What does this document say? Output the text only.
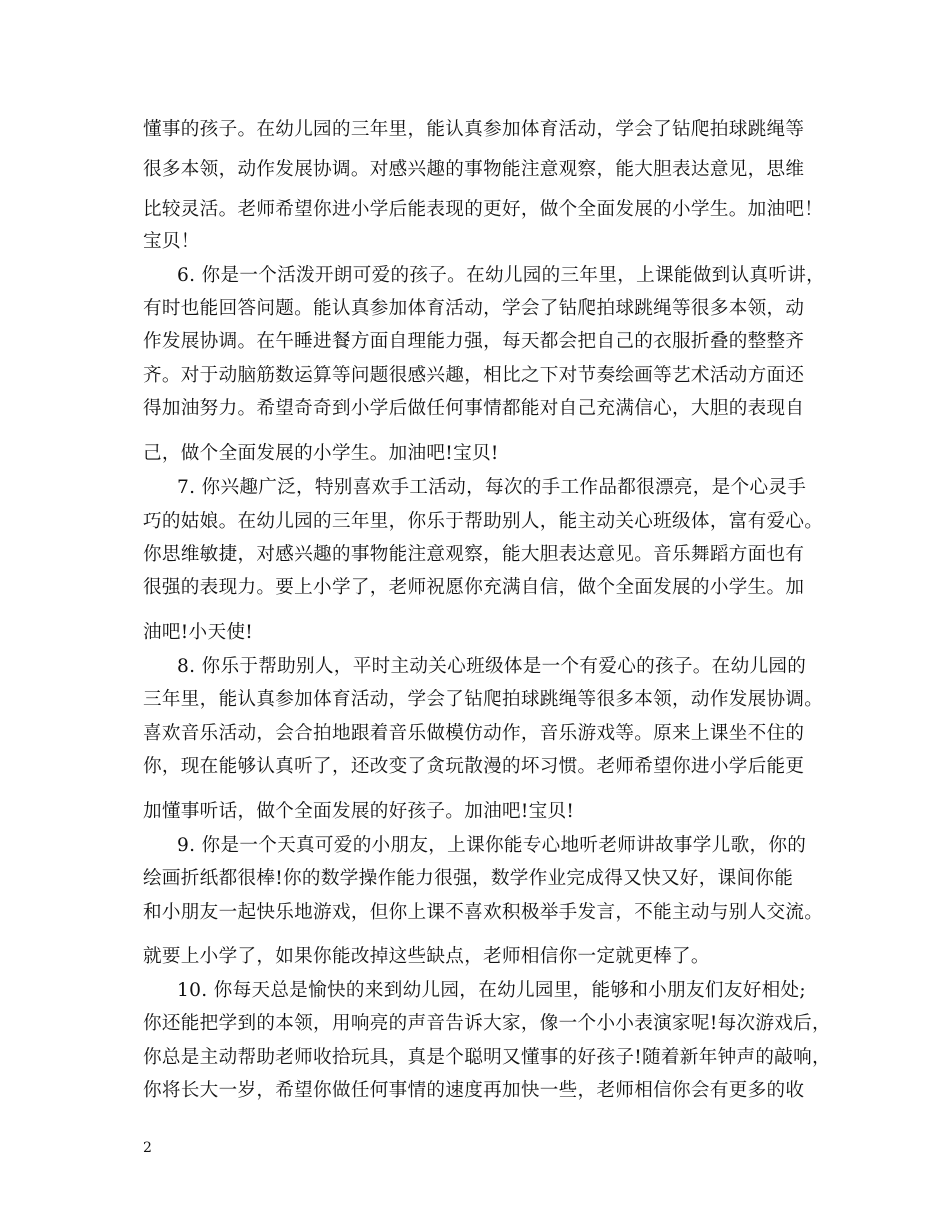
懂事的孩子。在幼儿园的三年里，能认真参加体育活动，学会了钻爬拍球跳绳等
很多本领，动作发展协调。对感兴趣的事物能注意观察，能大胆表达意见，思维
比较灵活。老师希望你进小学后能表现的更好，做个全面发展的小学生。加油吧！
宝贝！
6. 你是一个活泼开朗可爱的孩子。在幼儿园的三年里，上课能做到认真听讲，
有时也能回答问题。能认真参加体育活动，学会了钻爬拍球跳绳等很多本领，动
作发展协调。在午睡进餐方面自理能力强，每天都会把自己的衣服折叠的整整齐
齐。对于动脑筋数运算等问题很感兴趣，相比之下对节奏绘画等艺术活动方面还
得加油努力。希望奇奇到小学后做任何事情都能对自己充满信心，大胆的表现自
己，做个全面发展的小学生。加油吧!宝贝!
7. 你兴趣广泛，特别喜欢手工活动，每次的手工作品都很漂亮，是个心灵手
巧的姑娘。在幼儿园的三年里，你乐于帮助别人，能主动关心班级体，富有爱心。
你思维敏捷，对感兴趣的事物能注意观察，能大胆表达意见。音乐舞蹈方面也有
很强的表现力。要上小学了，老师祝愿你充满自信，做个全面发展的小学生。加
油吧!小天使!
8. 你乐于帮助别人，平时主动关心班级体是一个有爱心的孩子。在幼儿园的
三年里，能认真参加体育活动，学会了钻爬拍球跳绳等很多本领，动作发展协调。
喜欢音乐活动，会合拍地跟着音乐做模仿动作，音乐游戏等。原来上课坐不住的
你，现在能够认真听了，还改变了贪玩散漫的坏习惯。老师希望你进小学后能更
加懂事听话，做个全面发展的好孩子。加油吧!宝贝!
9. 你是一个天真可爱的小朋友，上课你能专心地听老师讲故事学儿歌，你的
绘画折纸都很棒!你的数学操作能力很强，数学作业完成得又快又好，课间你能
和小朋友一起快乐地游戏，但你上课不喜欢积极举手发言，不能主动与别人交流。
就要上小学了，如果你能改掉这些缺点，老师相信你一定就更棒了。
10. 你每天总是愉快的来到幼儿园，在幼儿园里，能够和小朋友们友好相处;
你还能把学到的本领，用响亮的声音告诉大家，像一个小小表演家呢!每次游戏后，
你总是主动帮助老师收拾玩具，真是个聪明又懂事的好孩子!随着新年钟声的敲响，
你将长大一岁，希望你做任何事情的速度再加快一些，老师相信你会有更多的收
2
